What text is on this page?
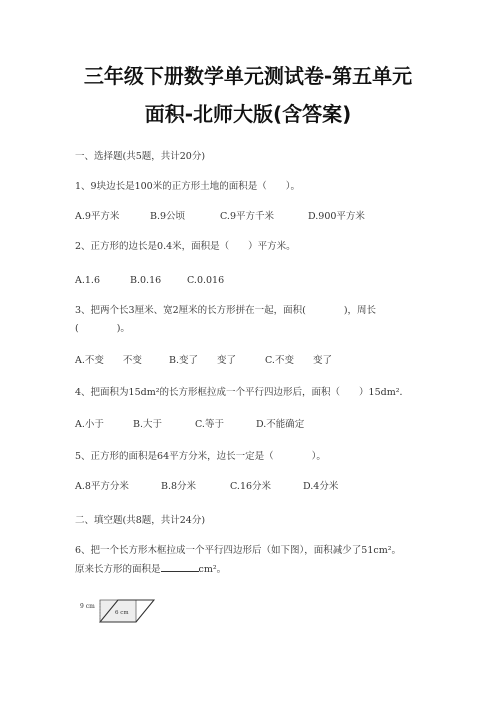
三年级下册数学单元测试卷-第五单元
面积-北师大版(含答案)
一、选择题(共5题，共计20分)
1、9块边长是100米的正方形土地的面积是（　　）。
A.9平方米	B.9公顷	C.9平方千米	D.900平方米
2、正方形的边长是0.4米，面积是（　　）平方米。
A.1.6	B.0.16	C.0.016
3、把两个长3厘米、宽2厘米的长方形拼在一起，面积(　　　　)，周长
(　　　　)。
A.不变　　不变	B.变了　　变了	C.不变　　变了
4、把面积为15dm²的长方形框拉成一个平行四边形后，面积（　　）15dm²．
A.小于	B.大于	C.等于	D.不能确定
5、正方形的面积是64平方分米，边长一定是（　　　　）。
A.8平方分米	B.8分米	C.16分米	D.4分米
二、填空题(共8题，共计24分)
6、把一个长方形木框拉成一个平行四边形后（如下图），面积减少了51cm²。
原来长方形的面积是	cm²。
9 cm
6 cm
